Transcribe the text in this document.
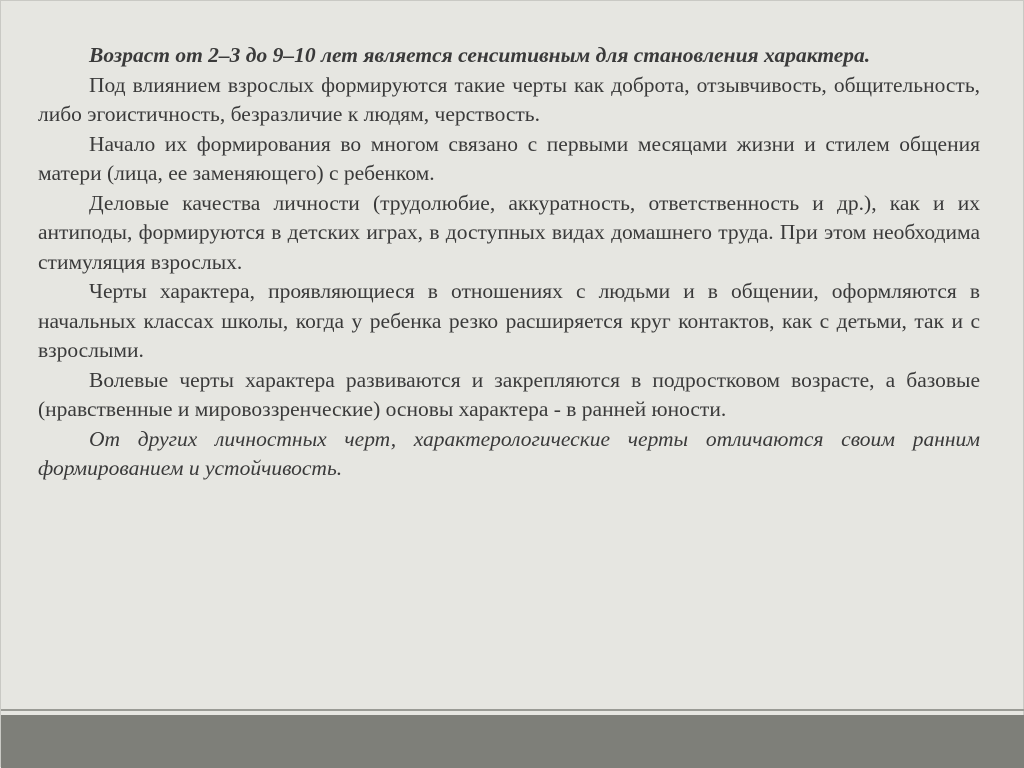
Возраст от 2–3 до 9–10 лет является сенситивным для становления характера.

Под влиянием взрослых формируются такие черты как доброта, отзывчивость, общительность, либо эгоистичность, безразличие к людям, черствость.

Начало их формирования во многом связано с первыми месяцами жизни и стилем общения матери (лица, ее заменяющего) с ребенком.

Деловые качества личности (трудолюбие, аккуратность, ответственность и др.), как и их антиподы, формируются в детских играх, в доступных видах домашнего труда. При этом необходима стимуляция взрослых.

Черты характера, проявляющиеся в отношениях с людьми и в общении, оформляются в начальных классах школы, когда у ребенка резко расширяется круг контактов, как с детьми, так и с взрослыми.

Волевые черты характера развиваются и закрепляются в подростковом возрасте, а базовые (нравственные и мировоззренческие) основы характера - в ранней юности.

От других личностных черт, характерологические черты отличаются своим ранним формированием и устойчивость.
